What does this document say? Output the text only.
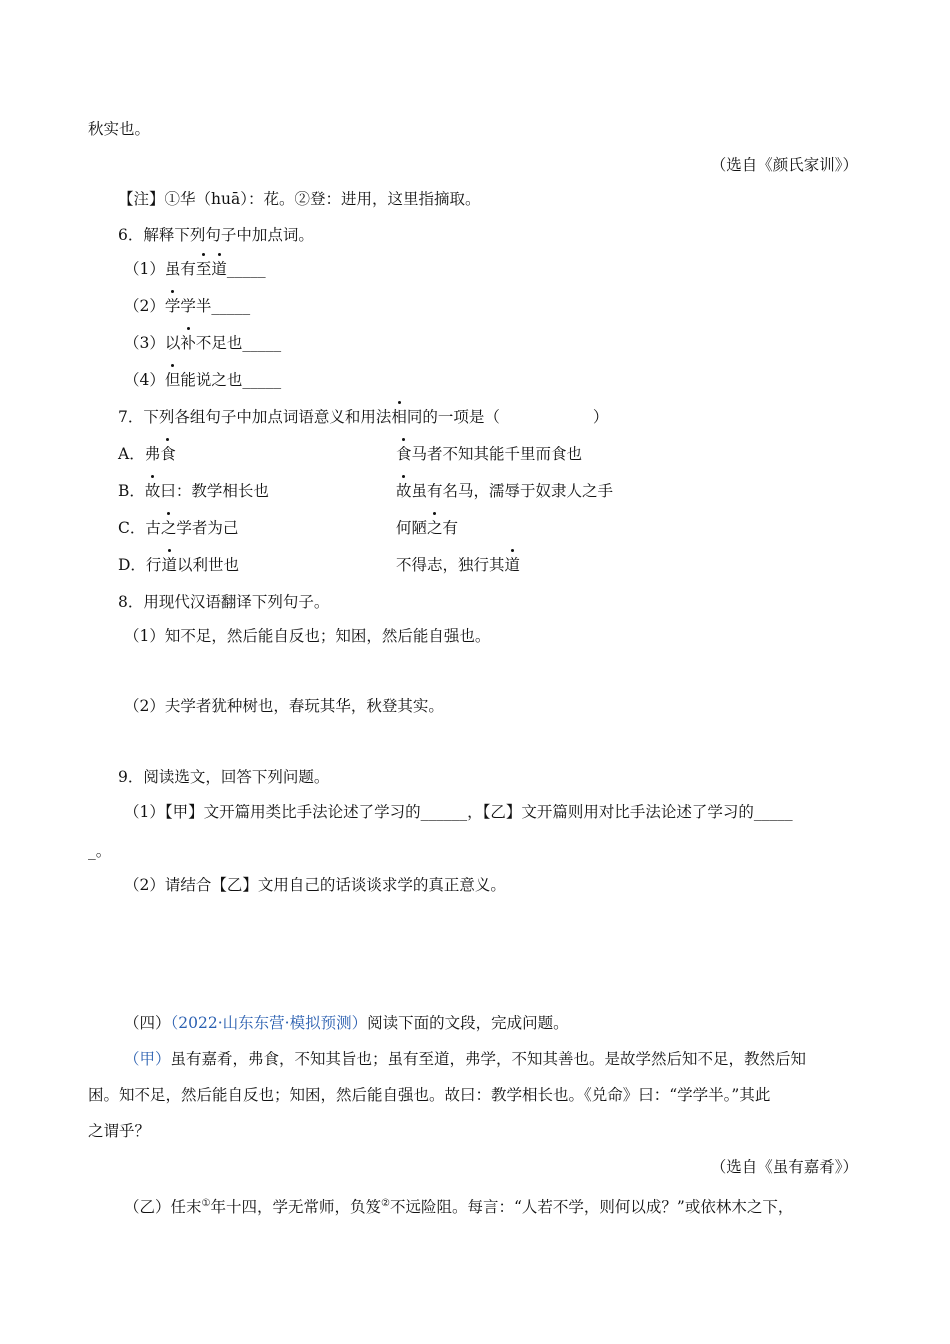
秋实也。
（选自《颜氏家训》）
【注】①华（huā）：花。②登：进用，这里指摘取。
6．解释下列句子中加点词。
（1）虽有至道_____
（2）学学半_____
（3）以补不足也_____
（4）但能说之也_____
7．下列各组句子中加点词语意义和用法相同的一项是（　　　　　　）
A．弗食	食马者不知其能千里而食也
B．故曰：教学相长也	故虽有名马，濡辱于奴隶人之手
C．古之学者为己	何陋之有
D．行道以利世也	不得志，独行其道
8．用现代汉语翻译下列句子。
（1）知不足，然后能自反也；知困，然后能自强也。
（2）夫学者犹种树也，春玩其华，秋登其实。
9．阅读选文，回答下列问题。
（1）【甲】文开篇用类比手法论述了学习的______，【乙】文开篇则用对比手法论述了学习的_____
_。
（2）请结合【乙】文用自己的话谈谈求学的真正意义。
（四）（2022·山东东营·模拟预测）阅读下面的文段，完成问题。
（甲）虽有嘉肴，弗食，不知其旨也；虽有至道，弗学，不知其善也。是故学然后知不足，教然后知
困。知不足，然后能自反也；知困，然后能自强也。故曰：教学相长也。《兑命》曰：“学学半。”其此
之谓乎？
（选自《虽有嘉肴》）
（乙）任末①年十四，学无常师，负笈②不远险阻。每言：“人若不学，则何以成？”或依林木之下，
